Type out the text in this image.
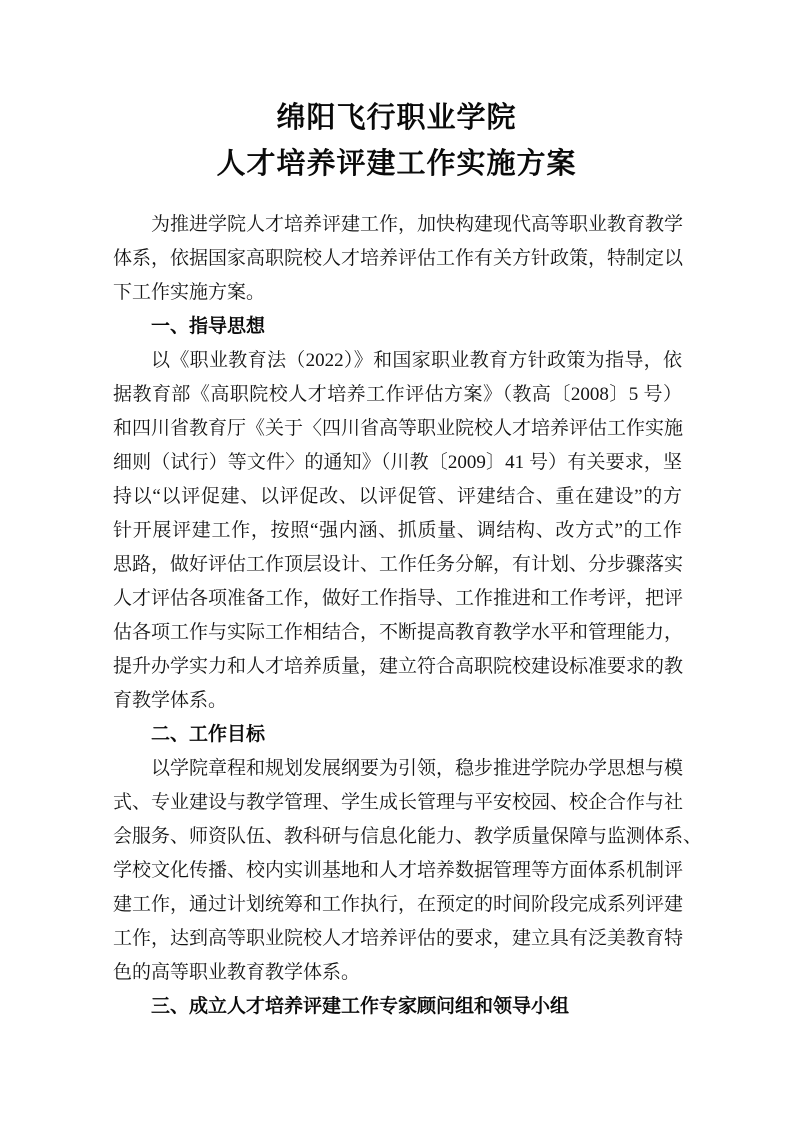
绵阳飞行职业学院
人才培养评建工作实施方案
为推进学院人才培养评建工作，加快构建现代高等职业教育教学
体系，依据国家高职院校人才培养评估工作有关方针政策，特制定以
下工作实施方案。
一、指导思想
以《职业教育法（2022）》和国家职业教育方针政策为指导，依
据教育部《高职院校人才培养工作评估方案》（教高〔2008〕5 号）
和四川省教育厅《关于〈四川省高等职业院校人才培养评估工作实施
细则（试行）等文件〉的通知》（川教〔2009〕41 号）有关要求，坚
持以“以评促建、以评促改、以评促管、评建结合、重在建设”的方
针开展评建工作，按照“强内涵、抓质量、调结构、改方式”的工作
思路，做好评估工作顶层设计、工作任务分解，有计划、分步骤落实
人才评估各项准备工作，做好工作指导、工作推进和工作考评，把评
估各项工作与实际工作相结合，不断提高教育教学水平和管理能力，
提升办学实力和人才培养质量，建立符合高职院校建设标准要求的教
育教学体系。
二、工作目标
以学院章程和规划发展纲要为引领，稳步推进学院办学思想与模
式、专业建设与教学管理、学生成长管理与平安校园、校企合作与社
会服务、师资队伍、教科研与信息化能力、教学质量保障与监测体系、
学校文化传播、校内实训基地和人才培养数据管理等方面体系机制评
建工作，通过计划统筹和工作执行，在预定的时间阶段完成系列评建
工作，达到高等职业院校人才培养评估的要求，建立具有泛美教育特
色的高等职业教育教学体系。
三、成立人才培养评建工作专家顾问组和领导小组
